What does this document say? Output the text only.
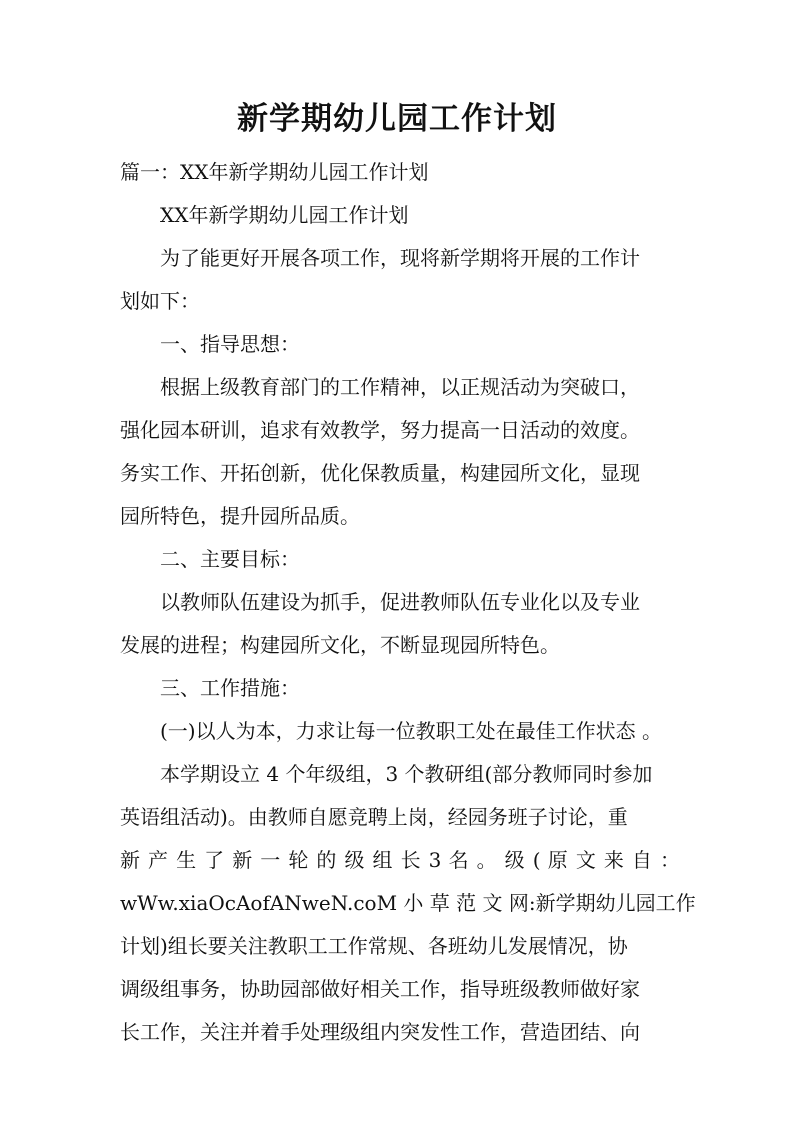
新学期幼儿园工作计划
篇一：XX年新学期幼儿园工作计划
XX年新学期幼儿园工作计划
为了能更好开展各项工作，现将新学期将开展的工作计
划如下：
一、指导思想：
根据上级教育部门的工作精神，以正规活动为突破口，
强化园本研训，追求有效教学，努力提高一日活动的效度。
务实工作、开拓创新，优化保教质量，构建园所文化，显现
园所特色，提升园所品质。
二、主要目标：
以教师队伍建设为抓手，促进教师队伍专业化以及专业
发展的进程；构建园所文化，不断显现园所特色。
三、工作措施：
(一)以人为本，力求让每一位教职工处在最佳工作状态 。
本学期设立 4 个年级组，3 个教研组(部分教师同时参加
英语组活动)。由教师自愿竞聘上岗，经园务班子讨论，重
新 产 生 了 新 一 轮 的 级 组 长 3 名 。 级 ( 原 文 来 自 ：
wWw.xiaOcAofANweN.coM 小 草 范 文 网:新学期幼儿园工作
计划)组长要关注教职工工作常规、各班幼儿发展情况，协
调级组事务，协助园部做好相关工作，指导班级教师做好家
长工作，关注并着手处理级组内突发性工作，营造团结、向
